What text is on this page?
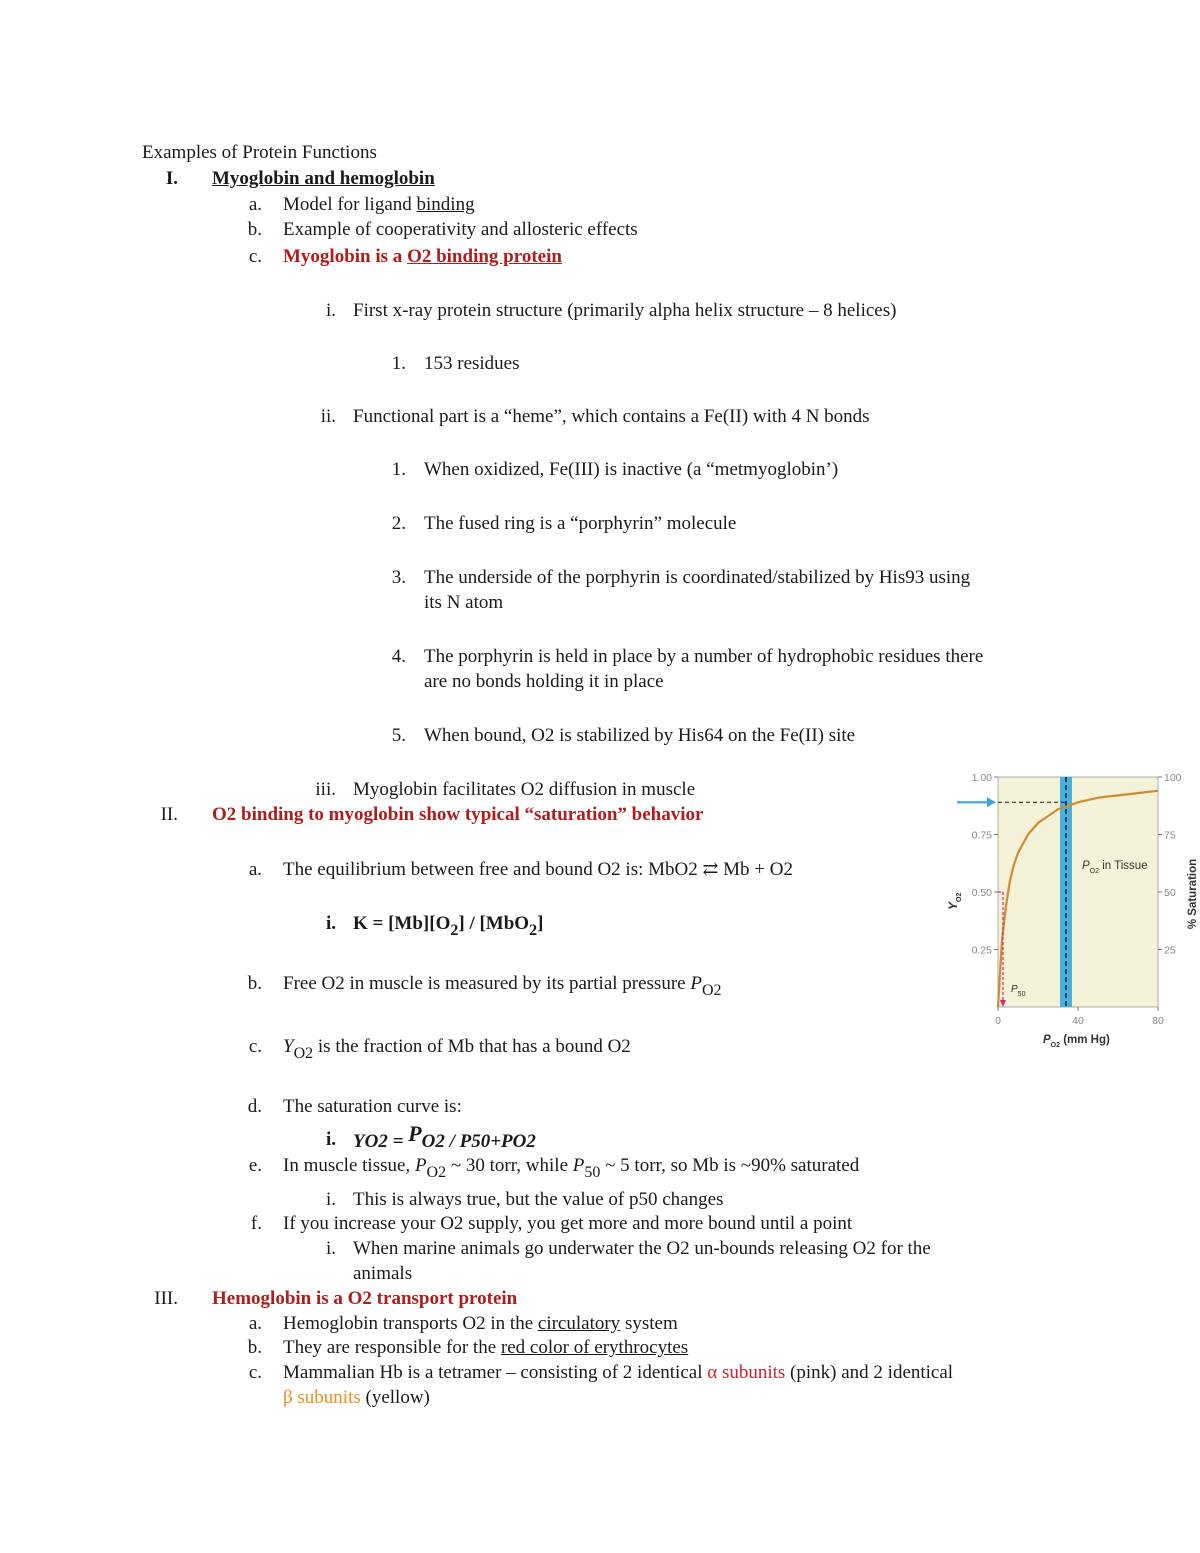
Examples of Protein Functions
I. Myoglobin and hemoglobin
a. Model for ligand binding
b. Example of cooperativity and allosteric effects
c. Myoglobin is a O2 binding protein
i. First x-ray protein structure (primarily alpha helix structure – 8 helices)
1. 153 residues
ii. Functional part is a “heme”, which contains a Fe(II) with 4 N bonds
1. When oxidized, Fe(III) is inactive (a “metmyoglobin’)
2. The fused ring is a “porphyrin” molecule
3. The underside of the porphyrin is coordinated/stabilized by His93 using
its N atom
4. The porphyrin is held in place by a number of hydrophobic residues there
are no bonds holding it in place
5. When bound, O2 is stabilized by His64 on the Fe(II) site
iii. Myoglobin facilitates O2 diffusion in muscle
II. O2 binding to myoglobin show typical “saturation” behavior
a. The equilibrium between free and bound O2 is: MbO2 ⇄ Mb + O2
i. $K = [Mb][O_2] / [MbO_2]$
b. Free O2 in muscle is measured by its partial pressure $P_{O2}$
c. $Y_{O2}$ is the fraction of Mb that has a bound O2
d. The saturation curve is:
i. YO2 = PO2 / P50+PO2
e. In muscle tissue, $P_{O2}$ ~ 30 torr, while $P_{50}$ ~ 5 torr, so Mb is ~90% saturated
i. This is always true, but the value of p50 changes
f. If you increase your O2 supply, you get more and more bound until a point
i. When marine animals go underwater the O2 un-bounds releasing O2 for the
animals
III. Hemoglobin is a O2 transport protein
a. Hemoglobin transports O2 in the circulatory system
b. They are responsible for the red color of erythrocytes
c. Mammalian Hb is a tetramer – consisting of 2 identical α subunits (pink) and 2 identical
β subunits (yellow)
$P_{50}$
$P_{O2}$ in Tissue
0.25
0.50
0.75
1.00
25
50
75
100
0	40	80
$P_{O2}$ (mm Hg)
$Y_{O2}$	% Saturation
